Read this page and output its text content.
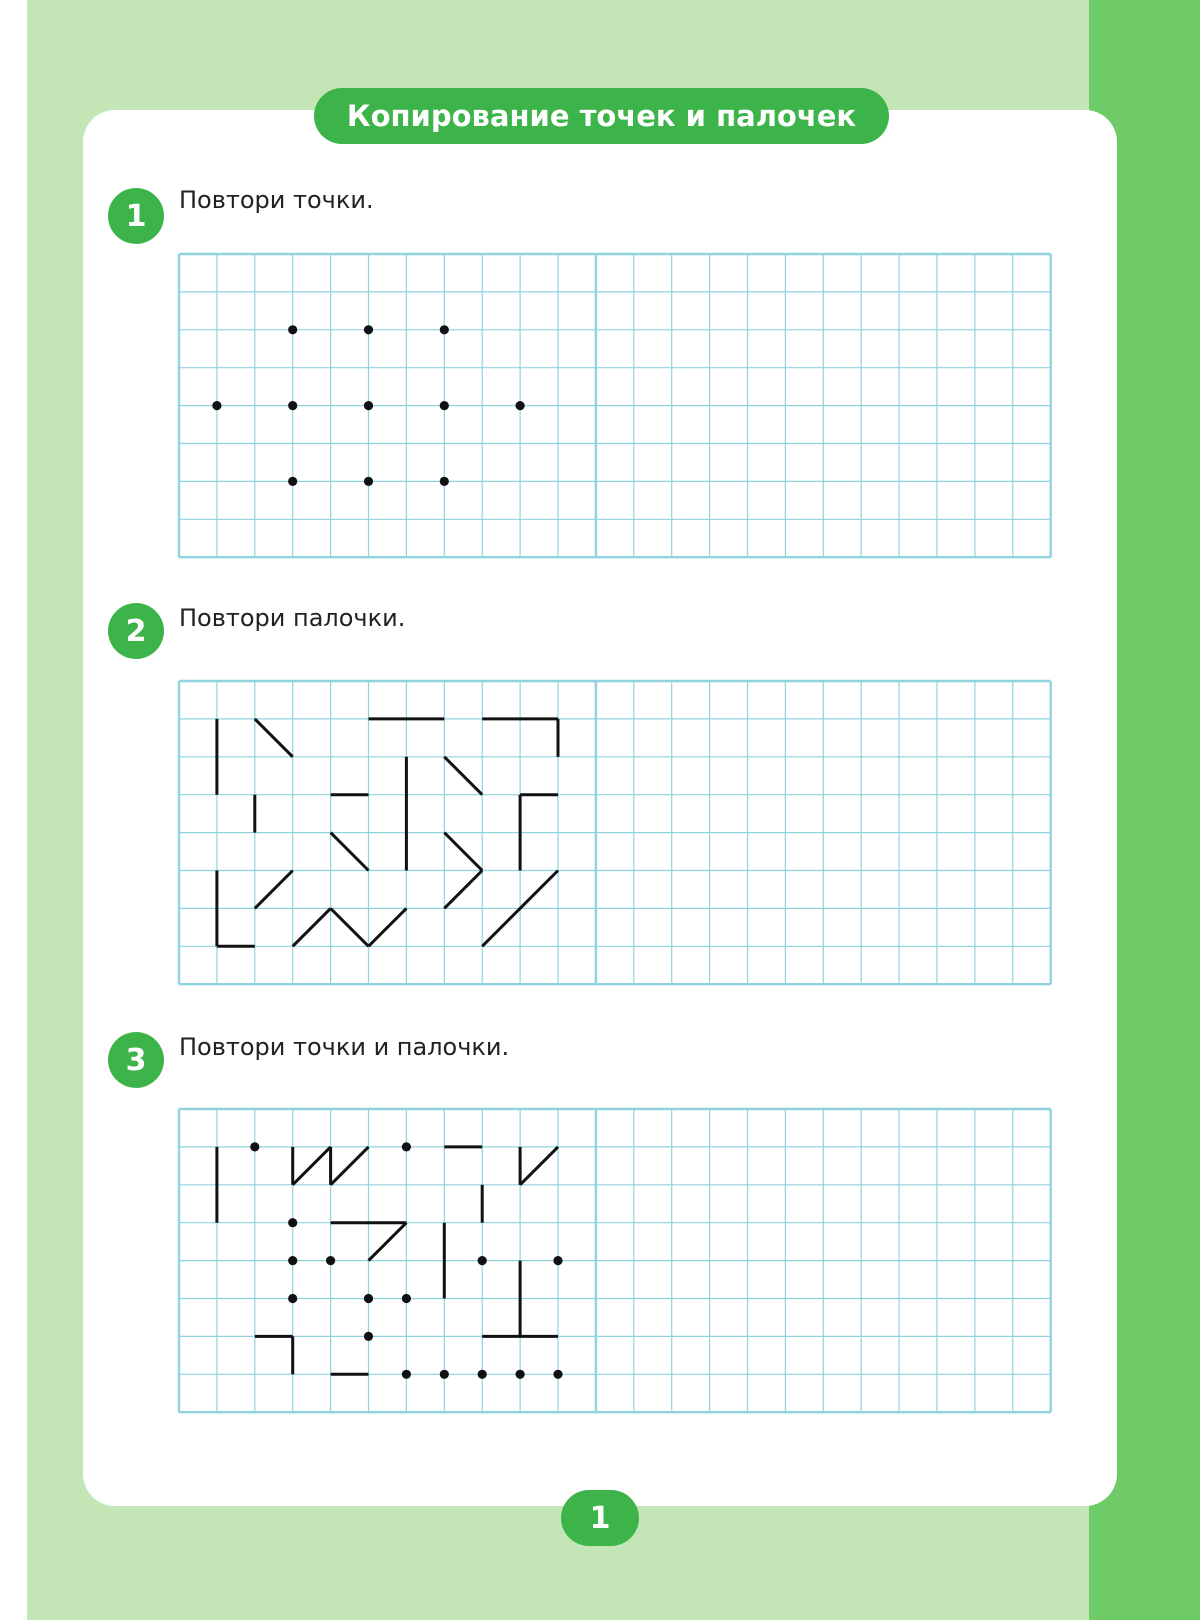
Копирование точек и палочек
1	Повтори точки.
2	Повтори палочки.
3	Повтори точки и палочки.
1
